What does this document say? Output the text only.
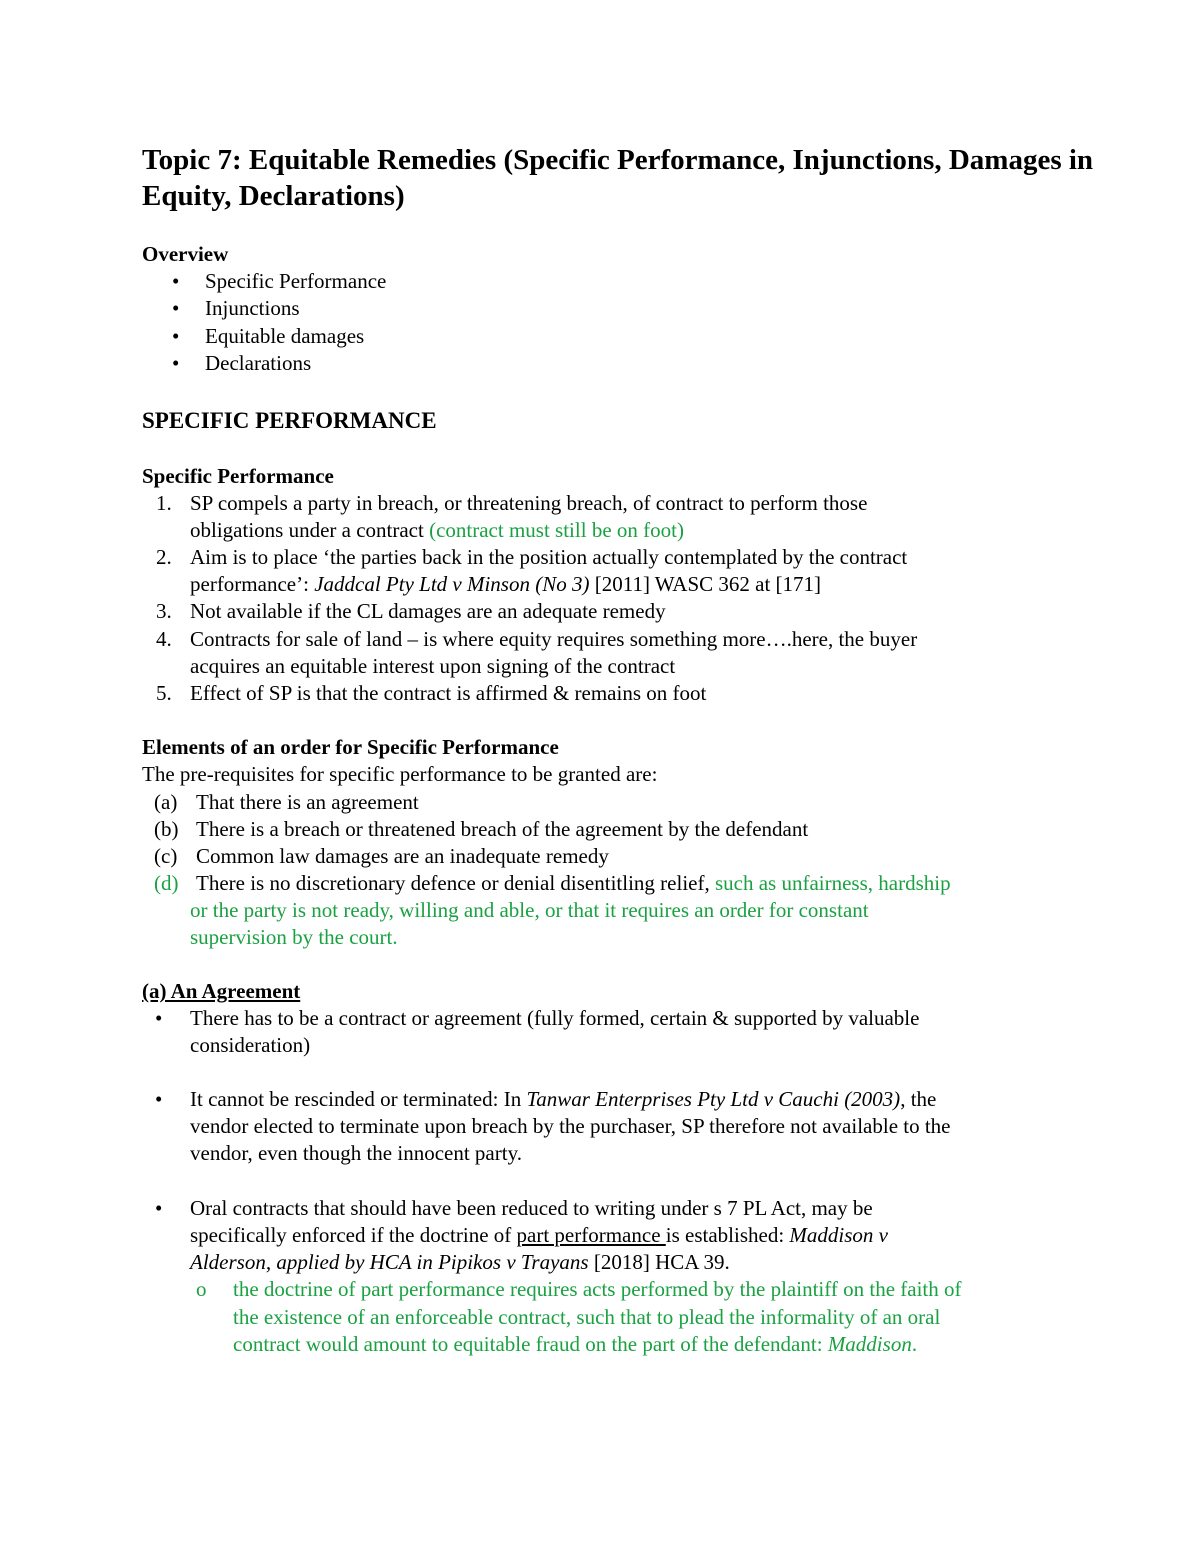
Topic 7: Equitable Remedies (Specific Performance, Injunctions, Damages in Equity, Declarations)
Overview
• Specific Performance
• Injunctions
• Equitable damages
• Declarations
SPECIFIC PERFORMANCE
Specific Performance
1. SP compels a party in breach, or threatening breach, of contract to perform those
obligations under a contract (contract must still be on foot)
2. Aim is to place ‘the parties back in the position actually contemplated by the contract
performance’: Jaddcal Pty Ltd v Minson (No 3) [2011] WASC 362 at [171]
3. Not available if the CL damages are an adequate remedy
4. Contracts for sale of land – is where equity requires something more….here, the buyer
acquires an equitable interest upon signing of the contract
5. Effect of SP is that the contract is affirmed & remains on foot
Elements of an order for Specific Performance
The pre-requisites for specific performance to be granted are:
(a) That there is an agreement
(b) There is a breach or threatened breach of the agreement by the defendant
(c) Common law damages are an inadequate remedy
(d) There is no discretionary defence or denial disentitling relief, such as unfairness, hardship
or the party is not ready, willing and able, or that it requires an order for constant
supervision by the court.
(a) An Agreement
• There has to be a contract or agreement (fully formed, certain & supported by valuable
consideration)
• It cannot be rescinded or terminated: In Tanwar Enterprises Pty Ltd v Cauchi (2003), the
vendor elected to terminate upon breach by the purchaser, SP therefore not available to the
vendor, even though the innocent party.
• Oral contracts that should have been reduced to writing under s 7 PL Act, may be
specifically enforced if the doctrine of part performance is established: Maddison v
Alderson, applied by HCA in Pipikos v Trayans [2018] HCA 39.
o the doctrine of part performance requires acts performed by the plaintiff on the faith of
the existence of an enforceable contract, such that to plead the informality of an oral
contract would amount to equitable fraud on the part of the defendant: Maddison.
